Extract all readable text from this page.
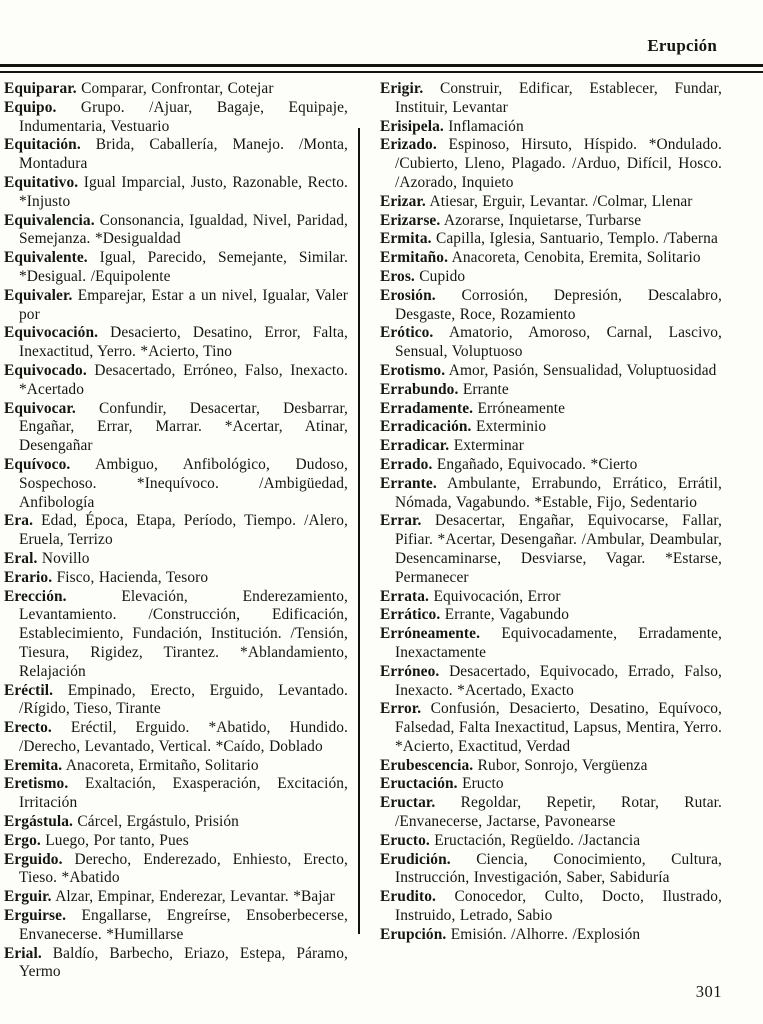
Erupción

Equiparar. Comparar, Confrontar, Cotejar

Equipo. Grupo. /Ajuar, Bagaje, Equipaje, Indumentaria, Vestuario

Equitación. Brida, Caballería, Manejo. /Monta, Montadura

Equitativo. Igual Imparcial, Justo, Razonable, Recto. *Injusto

Equivalencia. Consonancia, Igualdad, Nivel, Paridad, Semejanza. *Desigualdad

Equivalente. Igual, Parecido, Semejante, Similar. *Desigual. /Equipolente

Equivaler. Emparejar, Estar a un nivel, Igualar, Valer por

Equivocación. Desacierto, Desatino, Error, Falta, Inexactitud, Yerro. *Acierto, Tino

Equivocado. Desacertado, Erróneo, Falso, Inexacto. *Acertado

Equivocar. Confundir, Desacertar, Desbarrar, Engañar, Errar, Marrar. *Acertar, Atinar, Desengañar

Equívoco. Ambiguo, Anfibológico, Dudoso, Sospechoso. *Inequívoco. /Ambigüedad, Anfibología

Era. Edad, Época, Etapa, Período, Tiempo. /Alero, Eruela, Terrizo

Eral. Novillo

Erario. Fisco, Hacienda, Tesoro

Erección. Elevación, Enderezamiento, Levantamiento. /Construcción, Edificación, Establecimiento, Fundación, Institución. /Tensión, Tiesura, Rigidez, Tirantez. *Ablandamiento, Relajación

Eréctil. Empinado, Erecto, Erguido, Levantado. /Rígido, Tieso, Tirante

Erecto. Eréctil, Erguido. *Abatido, Hundido. /Derecho, Levantado, Vertical. *Caído, Doblado

Eremita. Anacoreta, Ermitaño, Solitario

Eretismo. Exaltación, Exasperación, Excitación, Irritación

Ergástula. Cárcel, Ergástulo, Prisión

Ergo. Luego, Por tanto, Pues

Erguido. Derecho, Enderezado, Enhiesto, Erecto, Tieso. *Abatido

Erguir. Alzar, Empinar, Enderezar, Levantar. *Bajar

Erguirse. Engallarse, Engreírse, Ensoberbecerse, Envanecerse. *Humillarse

Erial. Baldío, Barbecho, Eriazo, Estepa, Páramo, Yermo

Erigir. Construir, Edificar, Establecer, Fundar, Instituir, Levantar

Erisipela. Inflamación

Erizado. Espinoso, Hirsuto, Híspido. *Ondulado. /Cubierto, Lleno, Plagado. /Arduo, Difícil, Hosco. /Azorado, Inquieto

Erizar. Atiesar, Erguir, Levantar. /Colmar, Llenar

Erizarse. Azorarse, Inquietarse, Turbarse

Ermita. Capilla, Iglesia, Santuario, Templo. /Taberna

Ermitaño. Anacoreta, Cenobita, Eremita, Solitario

Eros. Cupido

Erosión. Corrosión, Depresión, Descalabro, Desgaste, Roce, Rozamiento

Erótico. Amatorio, Amoroso, Carnal, Lascivo, Sensual, Voluptuoso

Erotismo. Amor, Pasión, Sensualidad, Voluptuosidad

Errabundo. Errante

Erradamente. Erróneamente

Erradicación. Exterminio

Erradicar. Exterminar

Errado. Engañado, Equivocado. *Cierto

Errante. Ambulante, Errabundo, Errático, Errátil, Nómada, Vagabundo. *Estable, Fijo, Sedentario

Errar. Desacertar, Engañar, Equivocarse, Fallar, Pifiar. *Acertar, Desengañar. /Ambular, Deambular, Desencaminarse, Desviarse, Vagar. *Estarse, Permanecer

Errata. Equivocación, Error

Errático. Errante, Vagabundo

Erróneamente. Equivocadamente, Erradamente, Inexactamente

Erróneo. Desacertado, Equivocado, Errado, Falso, Inexacto. *Acertado, Exacto

Error. Confusión, Desacierto, Desatino, Equívoco, Falsedad, Falta Inexactitud, Lapsus, Mentira, Yerro. *Acierto, Exactitud, Verdad

Erubescencia. Rubor, Sonrojo, Vergüenza

Eructación. Eructo

Eructar. Regoldar, Repetir, Rotar, Rutar. /Envanecerse, Jactarse, Pavonearse

Eructo. Eructación, Regüeldo. /Jactancia

Erudición. Ciencia, Conocimiento, Cultura, Instrucción, Investigación, Saber, Sabiduría

Erudito. Conocedor, Culto, Docto, Ilustrado, Instruido, Letrado, Sabio

Erupción. Emisión. /Alhorre. /Explosión

301
